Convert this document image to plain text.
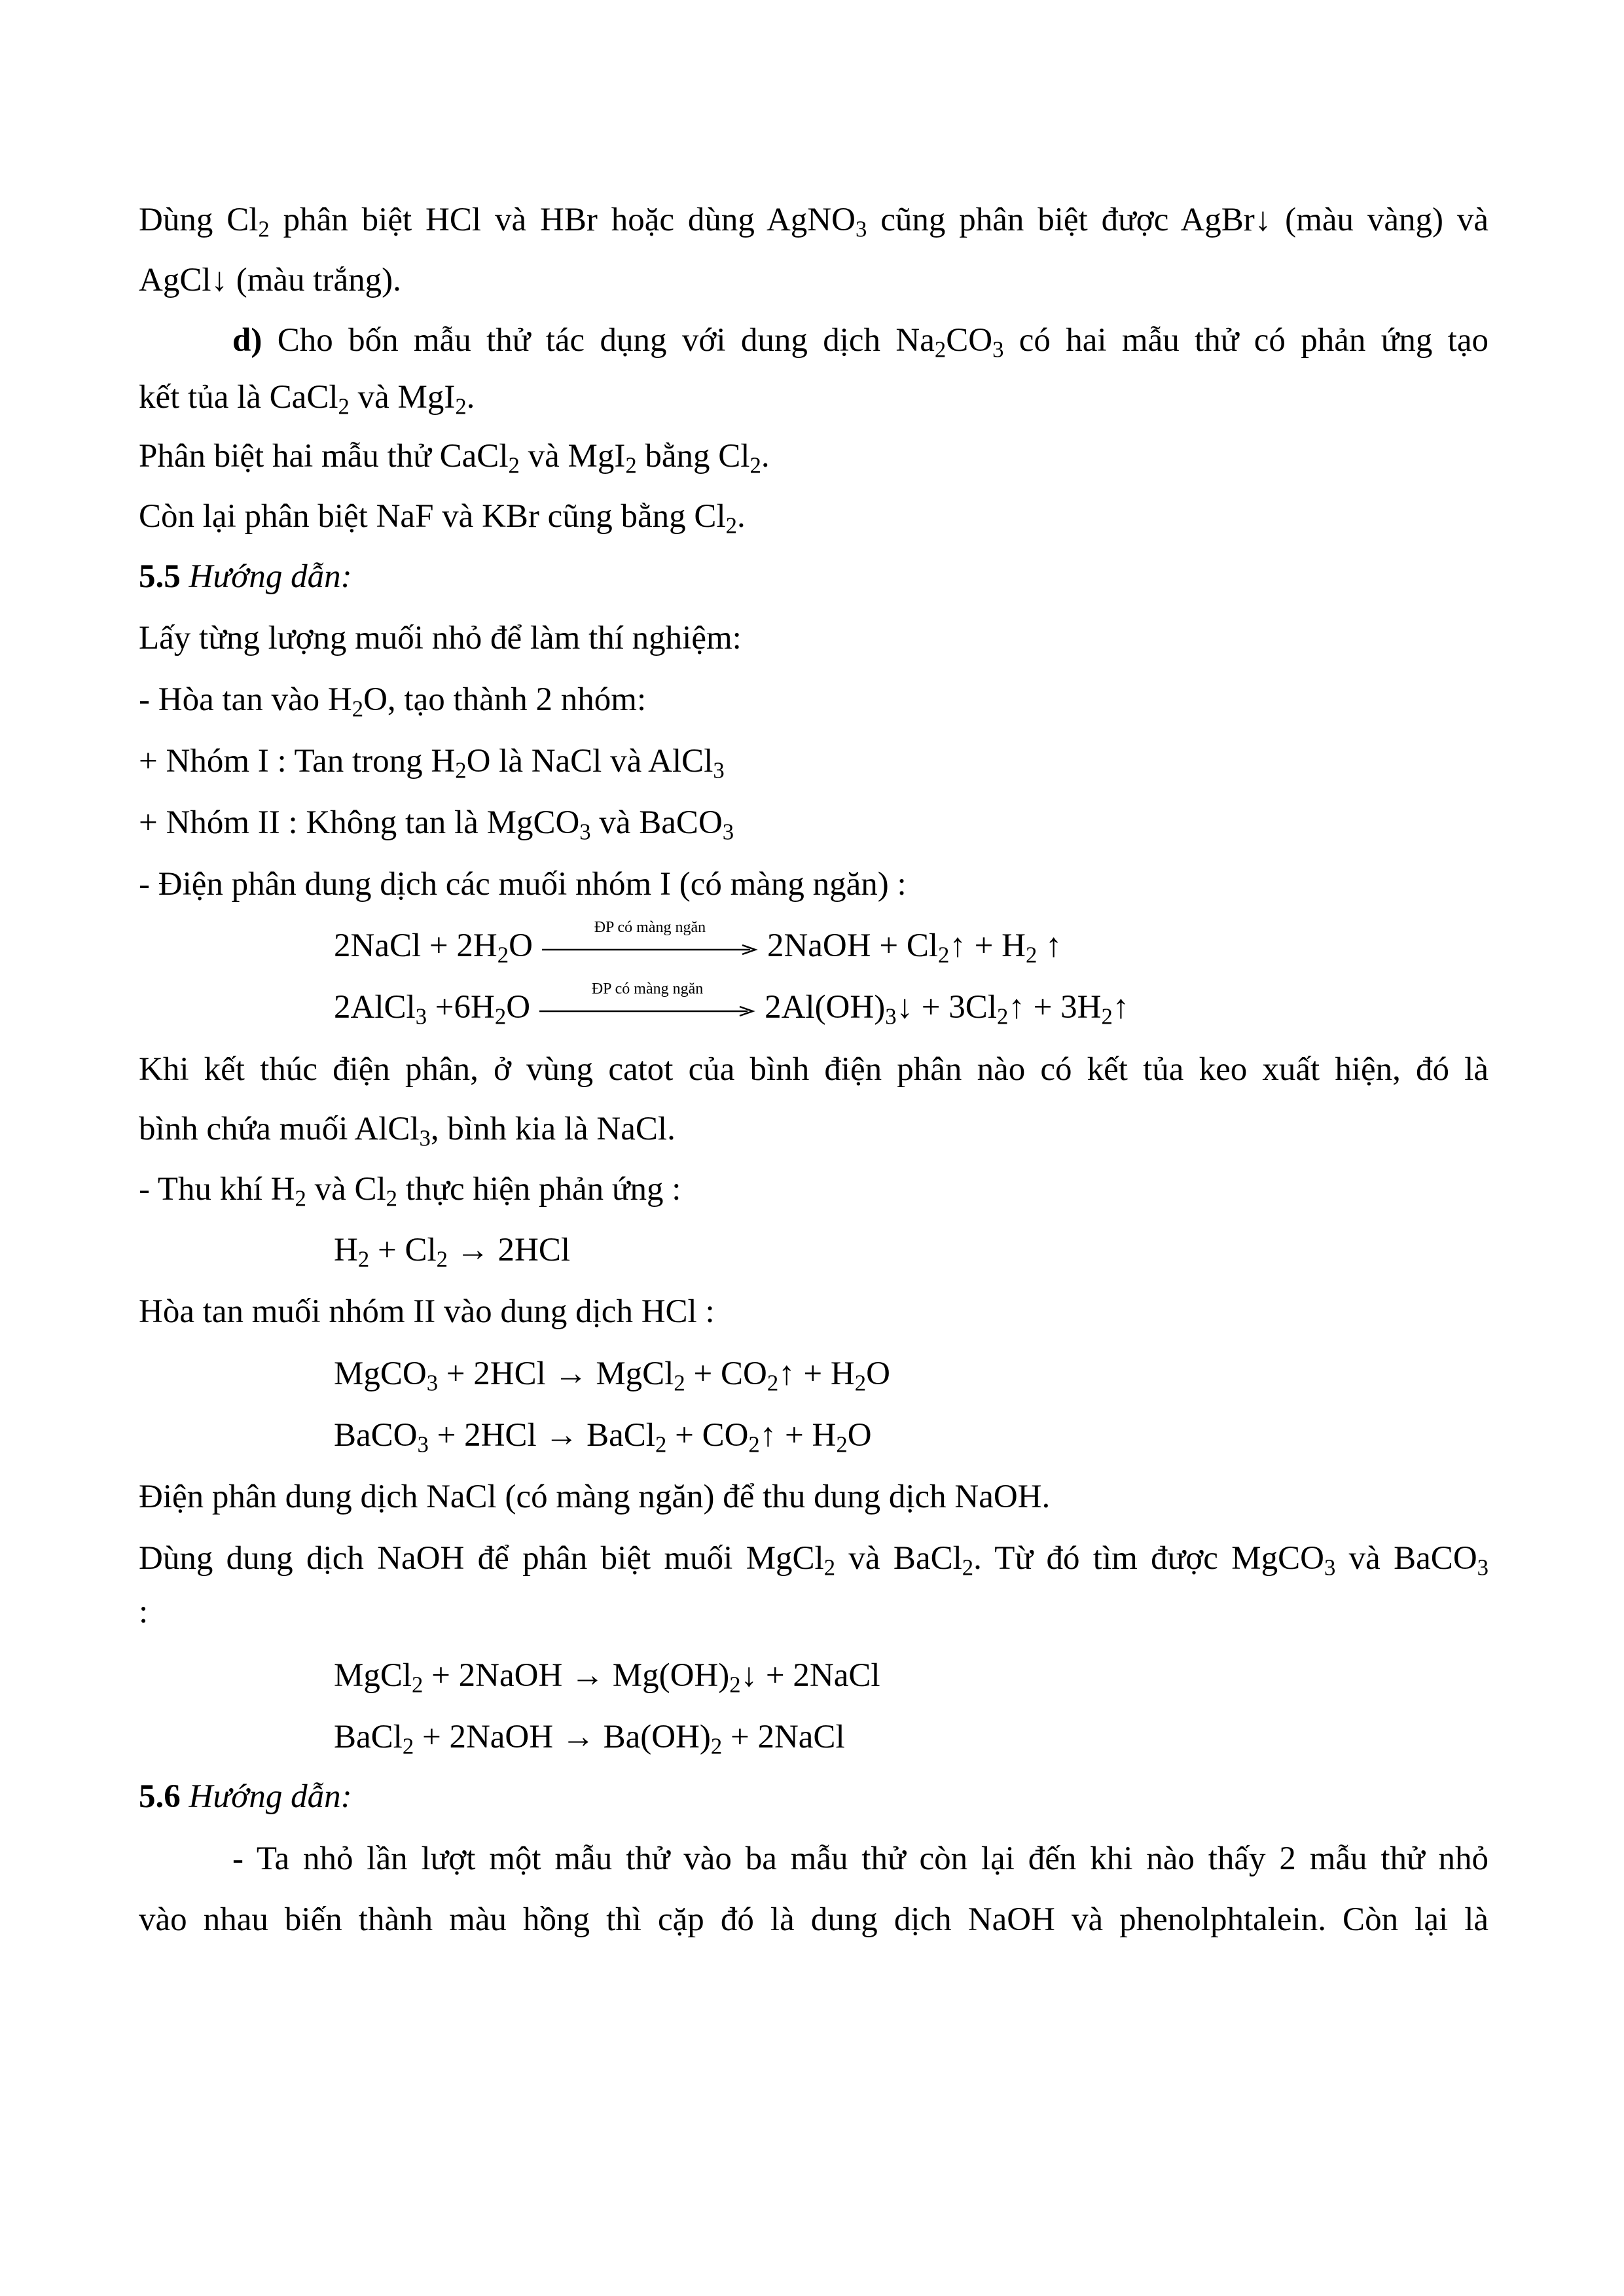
Dùng $Cl_2$ phân biệt HCl và HBr hoặc dùng AgNO$_3$ cũng phân biệt được AgBr↓ (màu vàng) và
AgCl↓ (màu trắng).
d) Cho bốn mẫu thử tác dụng với dung dịch $Na_2CO_3$ có hai mẫu thử có phản ứng tạo
kết tủa là CaCl$_2$ và MgI$_2$.
Phân biệt hai mẫu thử CaCl$_2$ và MgI$_2$ bằng $Cl_2$.
Còn lại phân biệt NaF và KBr cũng bằng $Cl_2$.
5.5 Hướng dẫn:
Lấy từng lượng muối nhỏ để làm thí nghiệm:
- Hòa tan vào $H_2O$, tạo thành 2 nhóm:
+ Nhóm I : Tan trong $H_2O$ là NaCl và AlCl$_3$
+ Nhóm II : Không tan là MgCO$_3$ và BaCO$_3$
- Điện phân dung dịch các muối nhóm I (có màng ngăn) :
2NaCl + $2H_2O$	ĐP có màng ngăn	2NaOH + $Cl_2↑ + H_2$ ↑
2AlCl$_3$ $+6H_2O$	ĐP có màng ngăn	$2Al(OH)_3↓$ + $3Cl_2↑$ + $3H_2↑$
Khi kết thúc điện phân, ở vùng catot của bình điện phân nào có kết tủa keo xuất hiện, đó là
bình chứa muối AlCl$_3$, bình kia là NaCl.
- Thu khí $H_2$ và $Cl_2$ thực hiện phản ứng :
$H_2 + Cl_2 \to 2HCl$
Hòa tan muối nhóm II vào dung dịch HCl :
MgCO$_3$ + 2HCl → MgCl$_2$ + $CO_2↑ + H_2O$
BaCO$_3$ + 2HCl → BaCl$_2$ + $CO_2↑ + H_2O$
Điện phân dung dịch NaCl (có màng ngăn) để thu dung dịch NaOH.
Dùng dung dịch NaOH để phân biệt muối MgCl$_2$ và BaCl$_2$. Từ đó tìm được MgCO$_3$ và BaCO$_3$
:
MgCl$_2$ + 2NaOH → $Mg(OH)_2↓$ + 2NaCl
BaCl$_2$ + 2NaOH → $Ba(OH)_2$ + 2NaCl
5.6 Hướng dẫn:
- Ta nhỏ lần lượt một mẫu thử vào ba mẫu thử còn lại đến khi nào thấy 2 mẫu thử nhỏ
vào nhau biến thành màu hồng thì cặp đó là dung dịch NaOH và phenolphtalein. Còn lại là
